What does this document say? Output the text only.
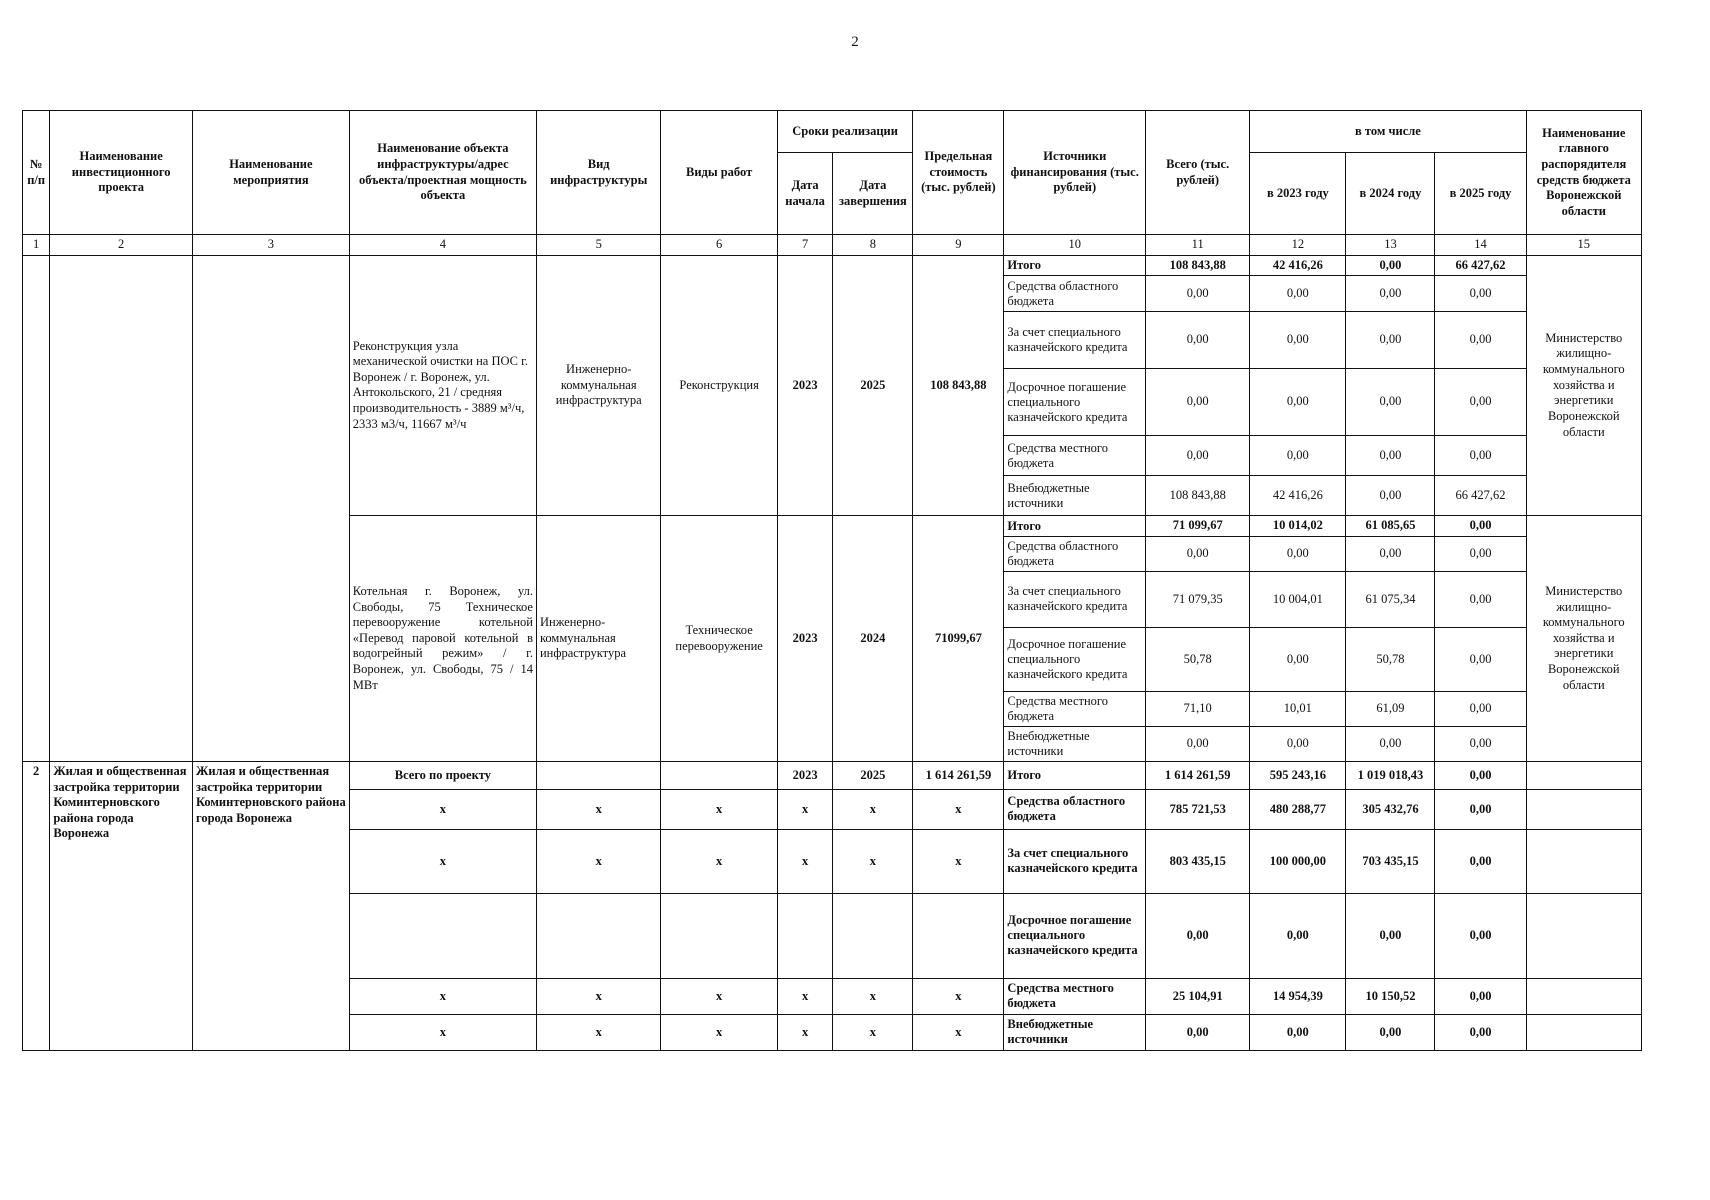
2
№ п/п	Наименование инвестиционного проекта	Наименование мероприятия	Наименование объекта инфраструктуры/адрес объекта/проектная мощность объекта	Вид инфраструктуры	Виды работ	Сроки реализации		Предельная стоимость (тыс. рублей)	Источники финансирования (тыс. рублей)	Всего (тыс. рублей)	в том числе			Наименование главного распорядителя средств бюджета Воронежской области
						Дата начала	Дата завершения				в 2023 году	в 2024 году	в 2025 году	
1	2	3	4	5	6	7	8	9	10	11	12	13	14	15
			Реконструкция узла механической очистки на ПОС г. Воронеж / г. Воронеж, ул. Антокольского, 21 / средняя производительность - 3889 м³/ч, 2333 м3/ч, 11667 м³/ч	Инженерно-коммунальная инфраструктура	Реконструкция	2023	2025	108 843,88	Итого	108 843,88	42 416,26	0,00	66 427,62	Министерство жилищно-коммунального хозяйства и энергетики Воронежской области
									Средства областного бюджета	0,00	0,00	0,00	0,00	
									За счет специального казначейского кредита	0,00	0,00	0,00	0,00	
									Досрочное погашение специального казначейского кредита	0,00	0,00	0,00	0,00	
									Средства местного бюджета	0,00	0,00	0,00	0,00	
									Внебюджетные источники	108 843,88	42 416,26	0,00	66 427,62	
			Котельная г. Воронеж, ул. Свободы, 75 Техническое перевооружение котельной «Перевод паровой котельной в водогрейный режим» / г. Воронеж, ул. Свободы, 75 / 14 МВт	Инженерно-коммунальная инфраструктура	Техническое перевооружение	2023	2024	71099,67	Итого	71 099,67	10 014,02	61 085,65	0,00	Министерство жилищно-коммунального хозяйства и энергетики Воронежской области
									Средства областного бюджета	0,00	0,00	0,00	0,00	
									За счет специального казначейского кредита	71 079,35	10 004,01	61 075,34	0,00	
									Досрочное погашение специального казначейского кредита	50,78	0,00	50,78	0,00	
									Средства местного бюджета	71,10	10,01	61,09	0,00	
									Внебюджетные источники	0,00	0,00	0,00	0,00	
2	Жилая и общественная застройка территории Коминтерновского района города Воронежа	Жилая и общественная застройка территории Коминтерновского района города Воронежа	Всего по проекту			2023	2025	1 614 261,59	Итого	1 614 261,59	595 243,16	1 019 018,43	0,00	
			x	x	x	x	x	x	Средства областного бюджета	785 721,53	480 288,77	305 432,76	0,00	
			x	x	x	x	x	x	За счет специального казначейского кредита	803 435,15	100 000,00	703 435,15	0,00	
									Досрочное погашение специального казначейского кредита	0,00	0,00	0,00	0,00	
			x	x	x	x	x	x	Средства местного бюджета	25 104,91	14 954,39	10 150,52	0,00	
			x	x	x	x	x	x	Внебюджетные источники	0,00	0,00	0,00	0,00	
